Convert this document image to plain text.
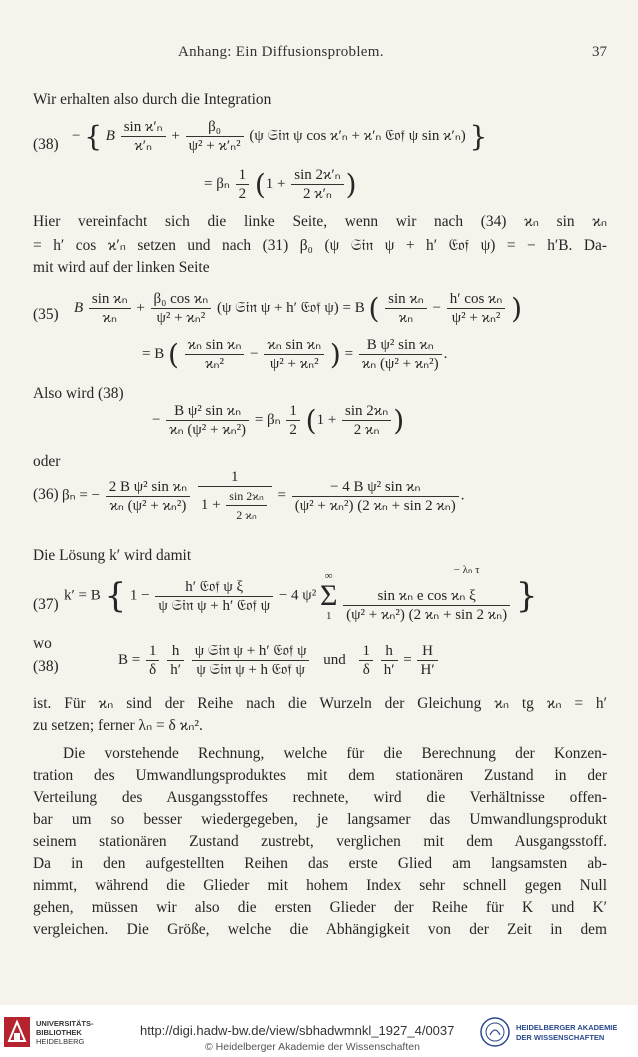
Anhang: Ein Diffusionsproblem.	37
Wir erhalten also durch die Integration
(38)
− { B $\frac{\text{sin ϰ′ₙ}}{\text{ϰ′ₙ}} + \frac{\text{β₀}}{\text{ψ² + ϰ′ₙ²}} (\psi$ 𝔖𝔦𝔫 ψ cos ϰ′ₙ + ϰ′ₙ 𝔈𝔬𝔣 ψ sin ϰ′ₙ) }
= βₙ $\frac{1}{2} (1 + \frac{\text{sin 2ϰ′ₙ}}{\text{2 ϰ′ₙ}}$ )
Hier vereinfacht sich die linke Seite, wenn wir nach (34) ϰₙ sin ϰₙ
= h′ cos ϰ′ₙ setzen und nach (31) β₀ (ψ 𝔖𝔦𝔫 ψ + h′ 𝔈𝔬𝔣 ψ) = − h′B. Da-
mit wird auf der linken Seite
(35) B $\frac{\text{sin ϰₙ}}{\text{ϰₙ}} + \frac{\text{β₀ cos ϰₙ}}{\text{ψ² + ϰₙ²}} (\psi$ 𝔖𝔦𝔫 ψ + h′ 𝔈𝔬𝔣 ψ) = B ( $\frac{\text{sin ϰₙ}}{\text{ϰₙ}} - \frac{\text{h′ cos ϰₙ}}{\text{ψ² + ϰₙ²}}$ )
= B ( $\frac{\text{ϰₙ sin ϰₙ}}{\text{ϰₙ²}} - \frac{\text{ϰₙ sin ϰₙ}}{\text{ψ² + ϰₙ²}}$ ) = $\frac{\text{B ψ² sin ϰₙ}}{\text{ϰₙ (ψ² + ϰₙ²)}}$ .
Also wird (38)
− $\frac{\text{B ψ² sin ϰₙ}}{\text{ϰₙ (ψ² + ϰₙ²)}} = \beta_n \frac{1}{2} (1 + \frac{\text{sin 2ϰₙ}}{\text{2 ϰₙ}}$ )
oder
(36) βₙ = − $\frac{\text{2 B ψ² sin ϰₙ}}{\text{ϰₙ (ψ² + ϰₙ²)}}$
$\frac{1}{1 + \frac{\text{sin 2ϰₙ}}{\text{2 ϰₙ}}} = \frac{\text{− 4 B ψ² sin ϰₙ}}{\text{(ψ² + ϰₙ²) (2 ϰₙ + sin 2 ϰₙ)}}$ .
Die Lösung k′ wird damit
(37)
k′ = B { $1 - \frac{\text{h′ 𝔈𝔬𝔣 ψ ξ}}{\text{ψ 𝔖𝔦𝔫 ψ + h′ 𝔈𝔬𝔣 ψ}} - 4$ ψ²
∞
Σ
1

$^{- \lambda_n \tau}$
sin ϰₙ e cos ϰₙ ξ
(ψ² + ϰₙ²) (2 ϰₙ + sin 2 ϰₙ) }
wo
(38)	$B = \frac{1}{\delta}$
$\frac{h}{h'}$
$\frac{\text{ψ 𝔖𝔦𝔫 ψ + h′ 𝔈𝔬𝔣 ψ}}{\text{ψ 𝔖𝔦𝔫 ψ + h 𝔈𝔬𝔣 ψ}}$ und $\frac{1}{\delta}$
$\frac{h}{h'} = \frac{H}{H'}$
ist. Für ϰₙ sind der Reihe nach die Wurzeln der Gleichung ϰₙ tg ϰₙ = h′
zu setzen; ferner λₙ = δ ϰₙ².
Die vorstehende Rechnung, welche für die Berechnung der Konzen-
tration des Umwandlungsproduktes mit dem stationären Zustand in der
Verteilung des Ausgangsstoffes rechnete, wird die Verhältnisse offen-
bar um so besser wiedergegeben, je langsamer das Umwandlungsprodukt
seinem stationären Zustand zustrebt, verglichen mit dem Ausgangsstoff.
Da in den aufgestellten Reihen das erste Glied am langsamsten ab-
nimmt, während die Glieder mit hohem Index sehr schnell gegen Null
gehen, müssen wir also die ersten Glieder der Reihe für K und K′
vergleichen. Die Größe, welche die Abhängigkeit von der Zeit in dem
UNIVERSITÄTS-
BIBLIOTHEK
HEIDELBERG
http://digi.hadw-bw.de/view/sbhadwmnkl_1927_4/0037
© Heidelberger Akademie der Wissenschaften
HEIDELBERGER AKADEMIE
DER WISSENSCHAFTEN
